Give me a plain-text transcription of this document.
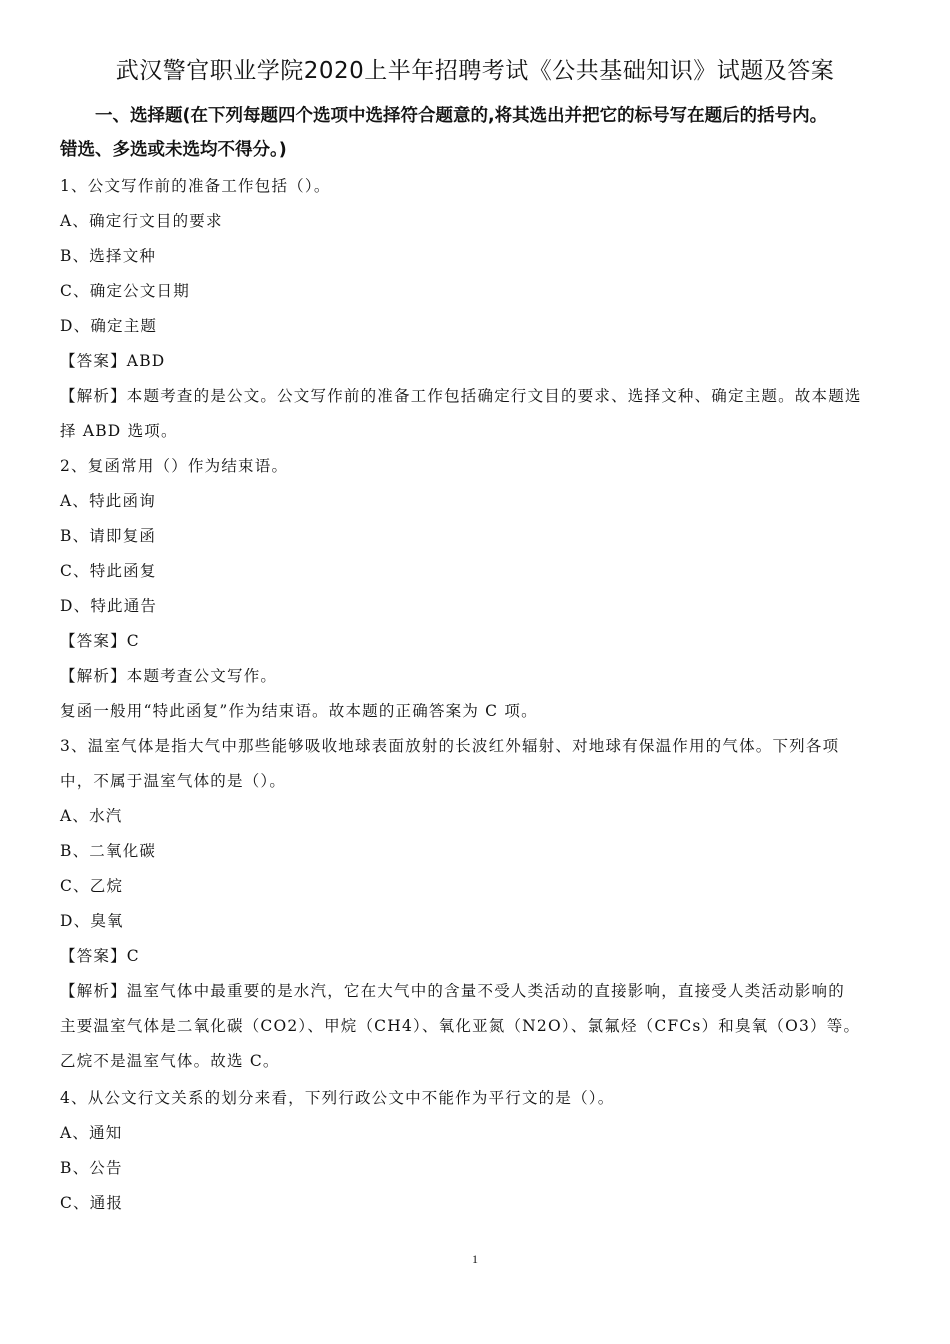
武汉警官职业学院2020上半年招聘考试《公共基础知识》试题及答案
一、选择题(在下列每题四个选项中选择符合题意的,将其选出并把它的标号写在题后的括号内。
错选、多选或未选均不得分。)
1、公文写作前的准备工作包括（）。
A、确定行文目的要求
B、选择文种
C、确定公文日期
D、确定主题
【答案】ABD
【解析】本题考查的是公文。公文写作前的准备工作包括确定行文目的要求、选择文种、确定主题。故本题选
择 ABD 选项。
2、复函常用（）作为结束语。
A、特此函询
B、请即复函
C、特此函复
D、特此通告
【答案】C
【解析】本题考查公文写作。
复函一般用“特此函复”作为结束语。故本题的正确答案为 C 项。
3、温室气体是指大气中那些能够吸收地球表面放射的长波红外辐射、对地球有保温作用的气体。下列各项
中，不属于温室气体的是（）。
A、水汽
B、二氧化碳
C、乙烷
D、臭氧
【答案】C
【解析】温室气体中最重要的是水汽，它在大气中的含量不受人类活动的直接影响，直接受人类活动影响的
主要温室气体是二氧化碳（CO2）、甲烷（CH4）、氧化亚氮（N2O）、氯氟烃（CFCs）和臭氧（O3）等。
乙烷不是温室气体。故选 C。
4、从公文行文关系的划分来看，下列行政公文中不能作为平行文的是（）。
A、通知
B、公告
C、通报
1
